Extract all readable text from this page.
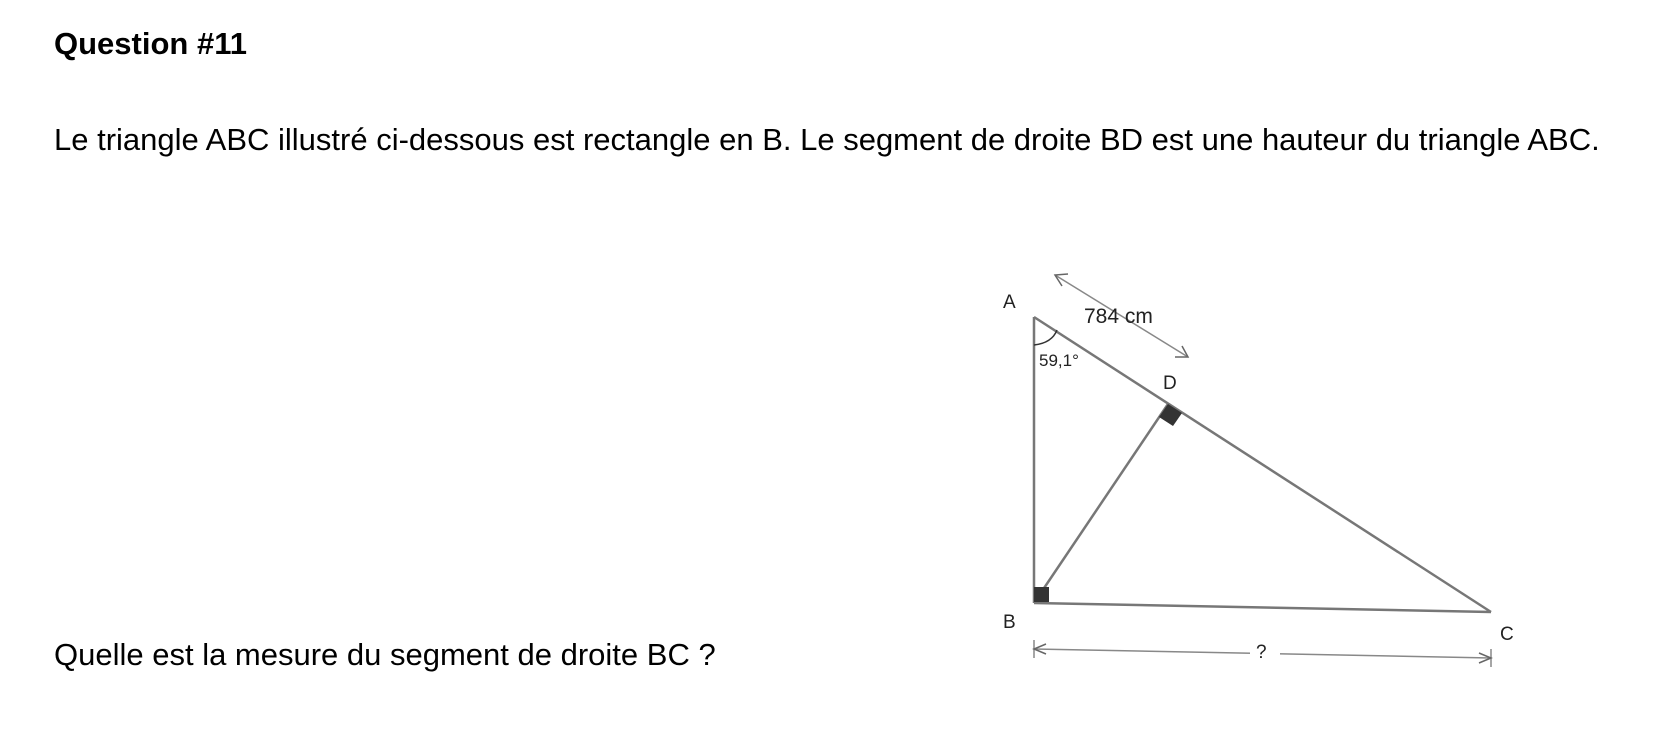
Question #11

Le triangle ABC illustré ci-dessous est rectangle en B. Le segment de droite BD est une hauteur du triangle ABC.

Quelle est la mesure du segment de droite BC ?

A
B
C
D
59,1°
784 cm
?
